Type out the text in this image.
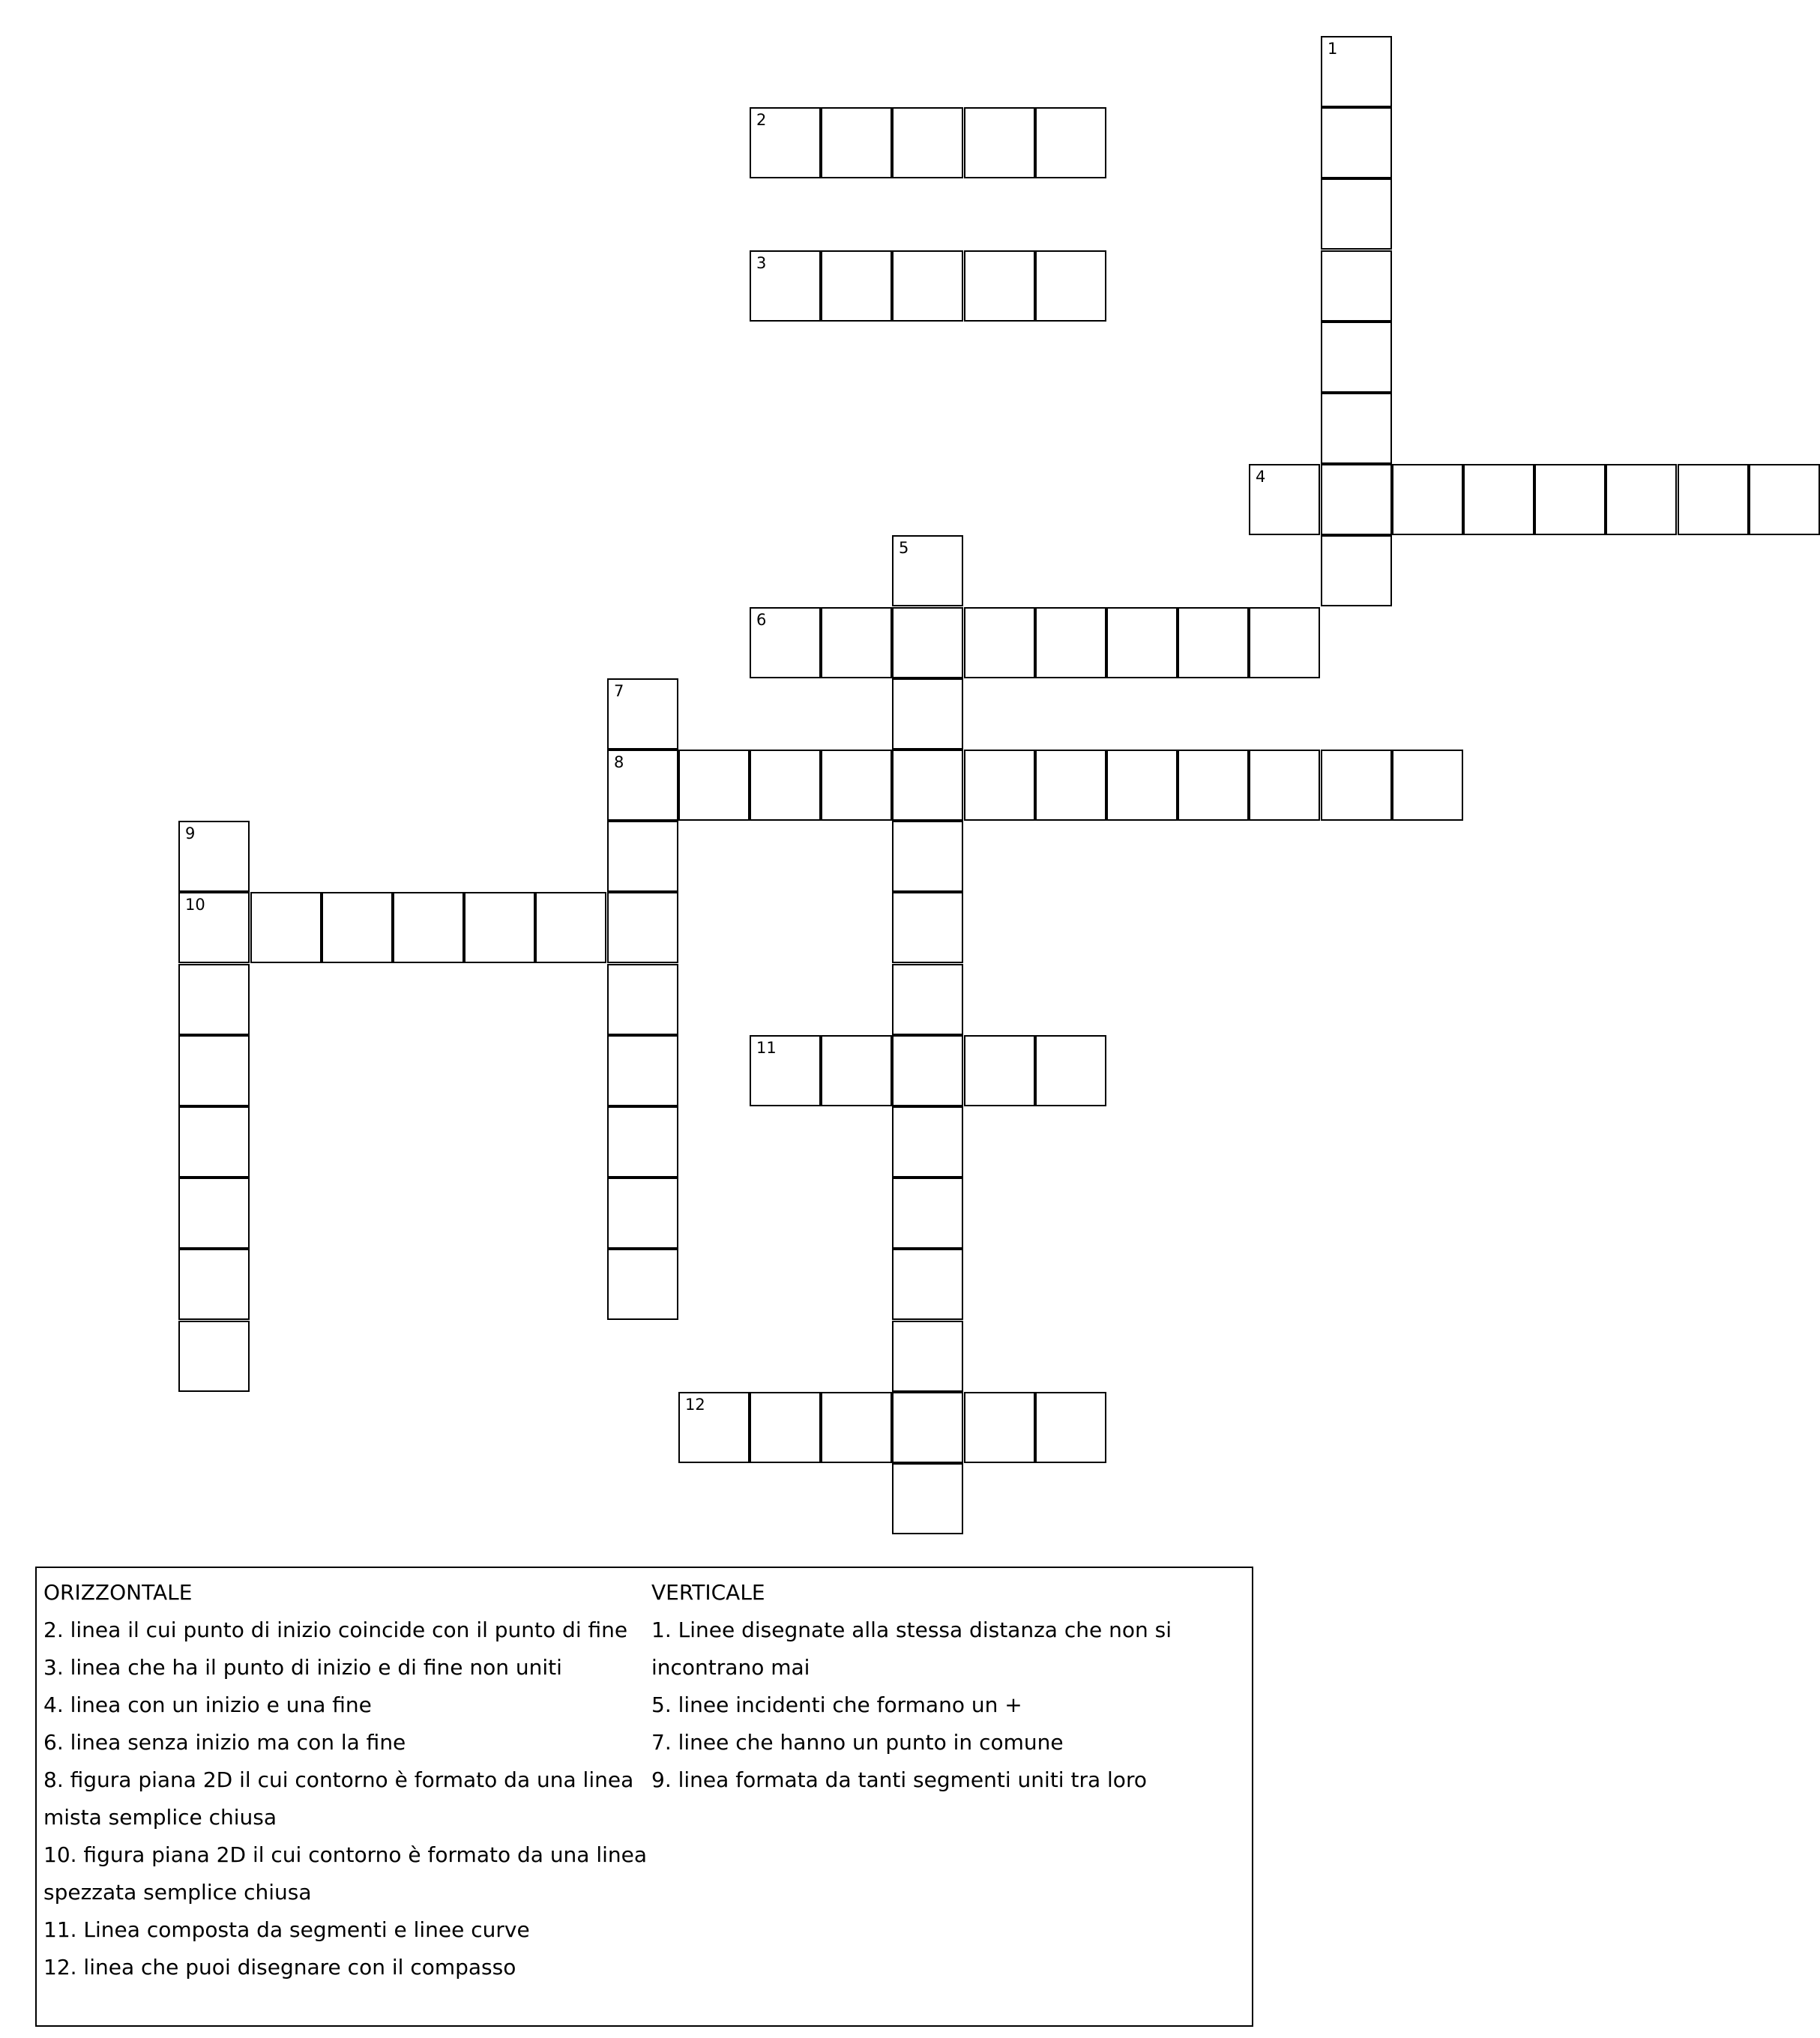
1
2
3
4
5
6
7
8
9
10
11
12
ORIZZONTALE
2. linea il cui punto di inizio coincide con il punto di fine
3. linea che ha il punto di inizio e di fine non uniti
4. linea con un inizio e una fine
6. linea senza inizio ma con la fine
8. figura piana 2D il cui contorno è formato da una linea
mista semplice chiusa
10. figura piana 2D il cui contorno è formato da una linea
spezzata semplice chiusa
11. Linea composta da segmenti e linee curve
12. linea che puoi disegnare con il compasso
VERTICALE
1. Linee disegnate alla stessa distanza che non si
incontrano mai
5. linee incidenti che formano un +
7. linee che hanno un punto in comune
9. linea formata da tanti segmenti uniti tra loro
